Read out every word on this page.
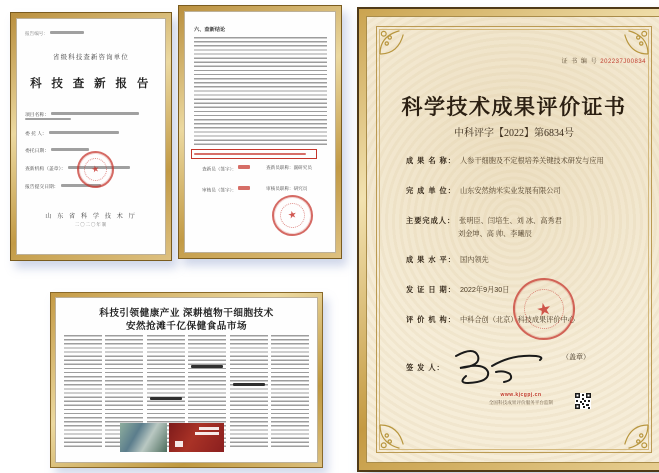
报告编号：
省级科技查新咨询单位
科 技 查 新 报 告
项目名称：
委 托 人：
委托日期：
查新机构（盖章）：
报告提交日期：
★
山 东 省 科 学 技 术 厅
二〇二〇年制
六、查新结论
查新员（签字）：	查新员职称：副研究员
审核员（签字）：	审核员职称：研究员
★
证 书 编 号 202237J00834
科学技术成果评价证书
中科评字【2022】第6834号
成 果 名 称： 人参干细胞及不定根培养关键技术研发与应用
完 成 单 位： 山东安然纳米实业发展有限公司
主要完成人： 张明臣、闫培生、刘 冰、高秀君
刘金坤、高 帅、李曦辰
成 果 水 平： 国内领先
发 证 日 期： 2022年9月30日
评 价 机 构： 中科合创（北京）科技成果评价中心
★
签 发 人：
（盖章）
www.kjcgpj.cn
全国科技成果评价服务平台监制
科技引领健康产业 深耕植物干细胞技术
安然抢滩千亿保健食品市场
